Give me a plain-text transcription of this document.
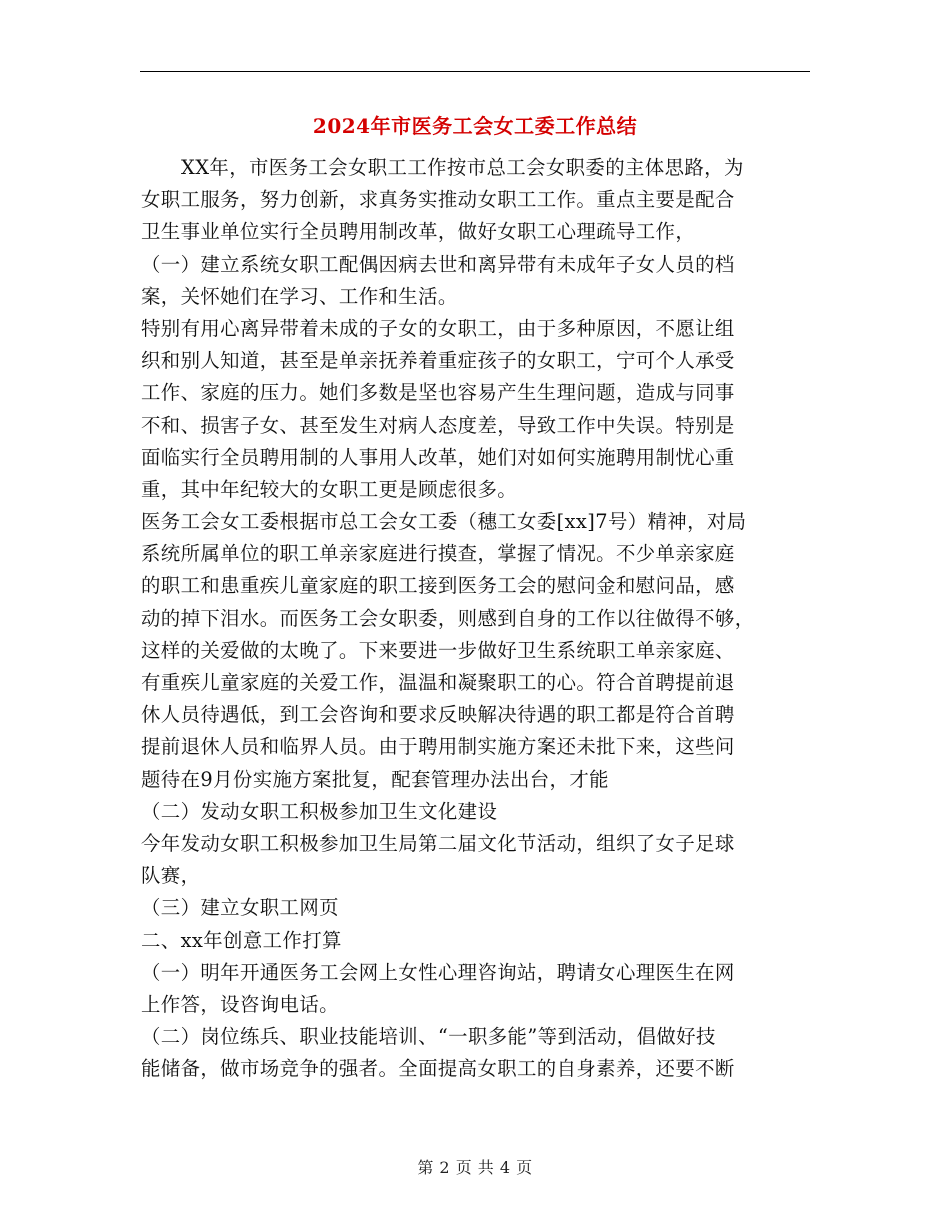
2024年市医务工会女工委工作总结
XX年，市医务工会女职工工作按市总工会女职委的主体思路，为
女职工服务，努力创新，求真务实推动女职工工作。重点主要是配合
卫生事业单位实行全员聘用制改革，做好女职工心理疏导工作，
（一）建立系统女职工配偶因病去世和离异带有未成年子女人员的档
案，关怀她们在学习、工作和生活。
特别有用心离异带着未成的子女的女职工，由于多种原因，不愿让组
织和别人知道，甚至是单亲抚养着重症孩子的女职工，宁可个人承受
工作、家庭的压力。她们多数是坚也容易产生生理问题，造成与同事
不和、损害子女、甚至发生对病人态度差，导致工作中失误。特别是
面临实行全员聘用制的人事用人改革，她们对如何实施聘用制忧心重
重，其中年纪较大的女职工更是顾虑很多。
医务工会女工委根据市总工会女工委（穗工女委[xx]7号）精神，对局
系统所属单位的职工单亲家庭进行摸查，掌握了情况。不少单亲家庭
的职工和患重疾儿童家庭的职工接到医务工会的慰问金和慰问品，感
动的掉下泪水。而医务工会女职委，则感到自身的工作以往做得不够，
这样的关爱做的太晚了。下来要进一步做好卫生系统职工单亲家庭、
有重疾儿童家庭的关爱工作，温温和凝聚职工的心。符合首聘提前退
休人员待遇低，到工会咨询和要求反映解决待遇的职工都是符合首聘
提前退休人员和临界人员。由于聘用制实施方案还未批下来，这些问
题待在9月份实施方案批复，配套管理办法出台，才能
（二）发动女职工积极参加卫生文化建设
今年发动女职工积极参加卫生局第二届文化节活动，组织了女子足球
队赛，
（三）建立女职工网页
二、xx年创意工作打算
（一）明年开通医务工会网上女性心理咨询站，聘请女心理医生在网
上作答，设咨询电话。
（二）岗位练兵、职业技能培训、“一职多能”等到活动，倡做好技
能储备，做市场竞争的强者。全面提高女职工的自身素养，还要不断
第 2 页 共 4 页
